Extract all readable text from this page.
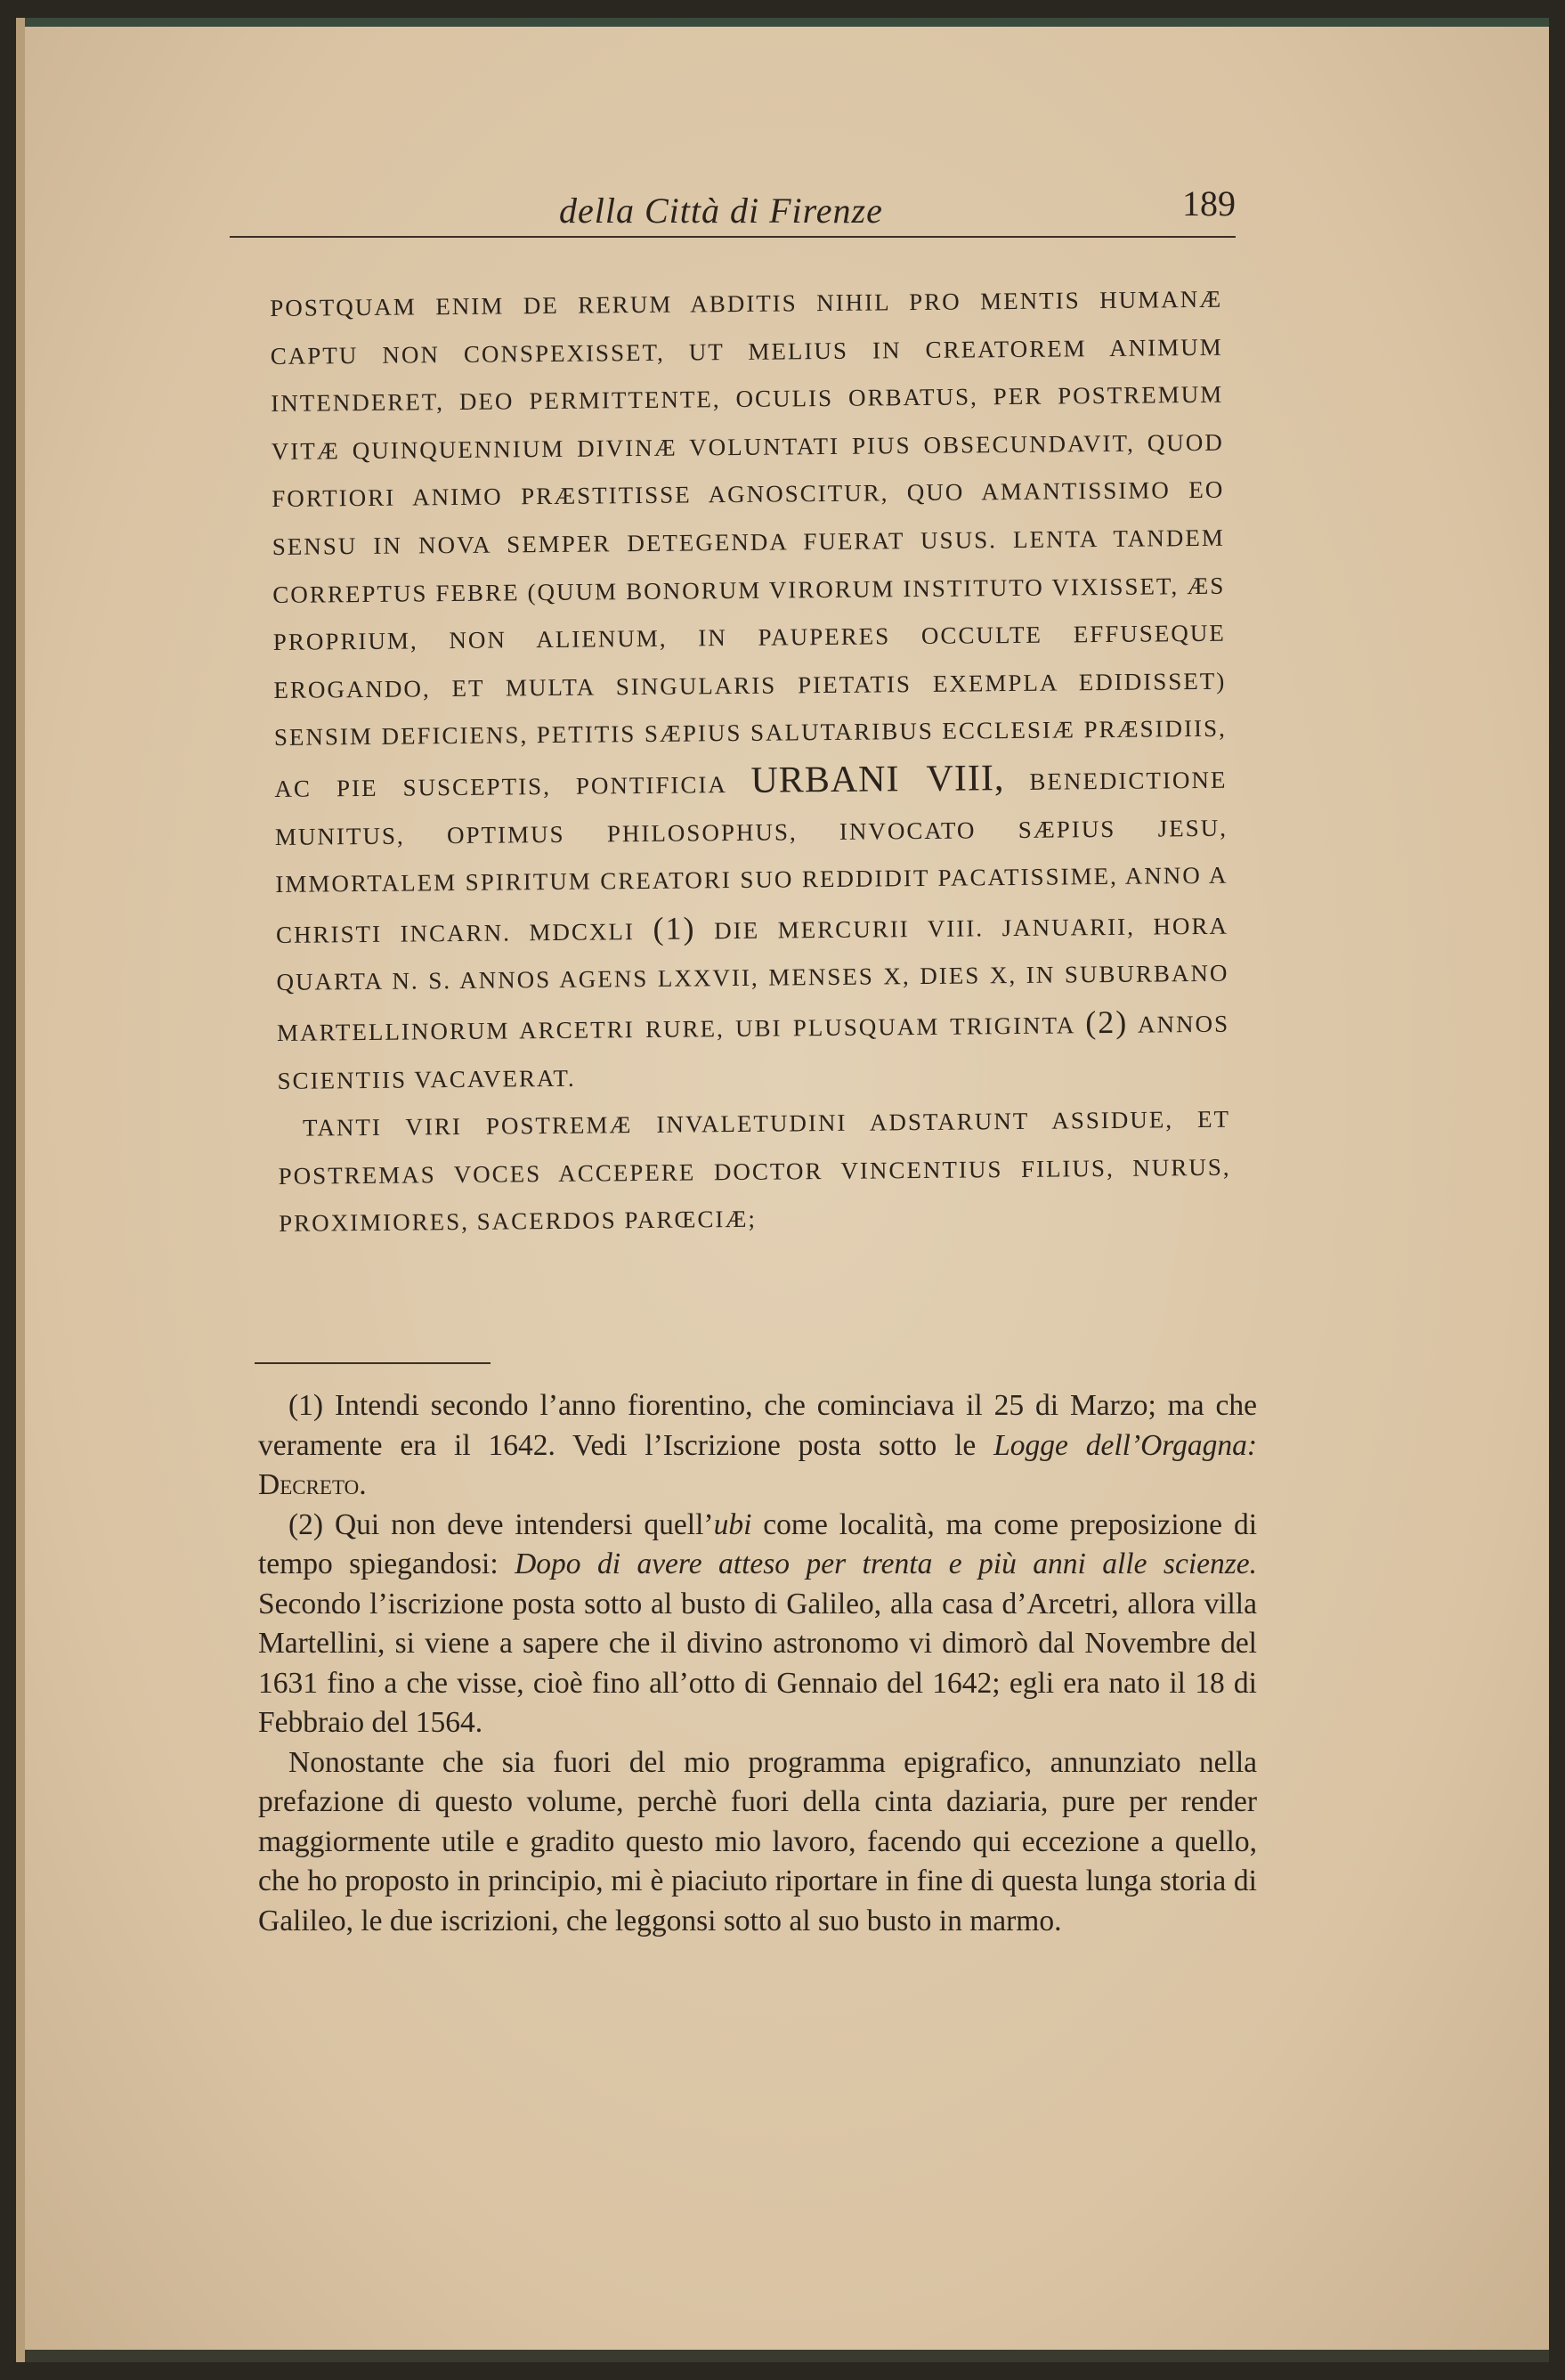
della Città di Firenze	189

POSTQUAM ENIM DE RERUM ABDITIS NIHIL PRO MENTIS HUMANÆ CAPTU NON CONSPEXISSET, UT MELIUS IN CREATOREM ANIMUM INTENDERET, DEO PERMITTENTE, OCULIS ORBATUS, PER POSTREMUM VITÆ QUINQUENNIUM DIVINÆ VOLUNTATI PIUS OBSECUNDAVIT, QUOD FORTIORI ANIMO PRÆSTITISSE AGNOSCITUR, QUO AMANTISSIMO EO SENSU IN NOVA SEMPER DETEGENDA FUERAT USUS. LENTA TANDEM CORREPTUS FEBRE (QUUM BONORUM VIRORUM INSTITUTO VIXISSET, ÆS PROPRIUM, NON ALIENUM, IN PAUPERES OCCULTE EFFUSEQUE EROGANDO, ET MULTA SINGULARIS PIETATIS EXEMPLA EDIDISSET) SENSIM DEFICIENS, PETITIS SÆPIUS SALUTARIBUS ECCLESIÆ PRÆSIDIIS, AC PIE SUSCEPTIS, PONTIFICIA URBANI VIII, BENEDICTIONE MUNITUS, OPTIMUS PHILOSOPHUS, INVOCATO SÆPIUS JESU, IMMORTALEM SPIRITUM CREATORI SUO REDDIDIT PACATISSIME, ANNO A CHRISTI INCARN. MDCXLI (1) DIE MERCURII VIII. JANUARII, HORA QUARTA N. S. ANNOS AGENS LXXVII, MENSES X, DIES X, IN SUBURBANO MARTELLINORUM ARCETRI RURE, UBI PLUSQUAM TRIGINTA (2) ANNOS SCIENTIIS VACAVERAT.

TANTI VIRI POSTREMÆ INVALETUDINI ADSTARUNT ASSIDUE, ET POSTREMAS VOCES ACCEPERE DOCTOR VINCENTIUS FILIUS, NURUS, PROXIMIORES, SACERDOS PARŒCIÆ;

(1) Intendi secondo l’anno fiorentino, che cominciava il 25 di Marzo; ma che veramente era il 1642. Vedi l’Iscrizione posta sotto le Logge dell’Orgagna: Decreto.

(2) Qui non deve intendersi quell’ubi come località, ma come preposizione di tempo spiegandosi: Dopo di avere atteso per trenta e più anni alle scienze. Secondo l’iscrizione posta sotto al busto di Galileo, alla casa d’Arcetri, allora villa Martellini, si viene a sapere che il divino astronomo vi dimorò dal Novembre del 1631 fino a che visse, cioè fino all’otto di Gennaio del 1642; egli era nato il 18 di Febbraio del 1564.

Nonostante che sia fuori del mio programma epigrafico, annunziato nella prefazione di questo volume, perchè fuori della cinta daziaria, pure per render maggiormente utile e gradito questo mio lavoro, facendo qui eccezione a quello, che ho proposto in principio, mi è piaciuto riportare in fine di questa lunga storia di Galileo, le due iscrizioni, che leggonsi sotto al suo busto in marmo.
